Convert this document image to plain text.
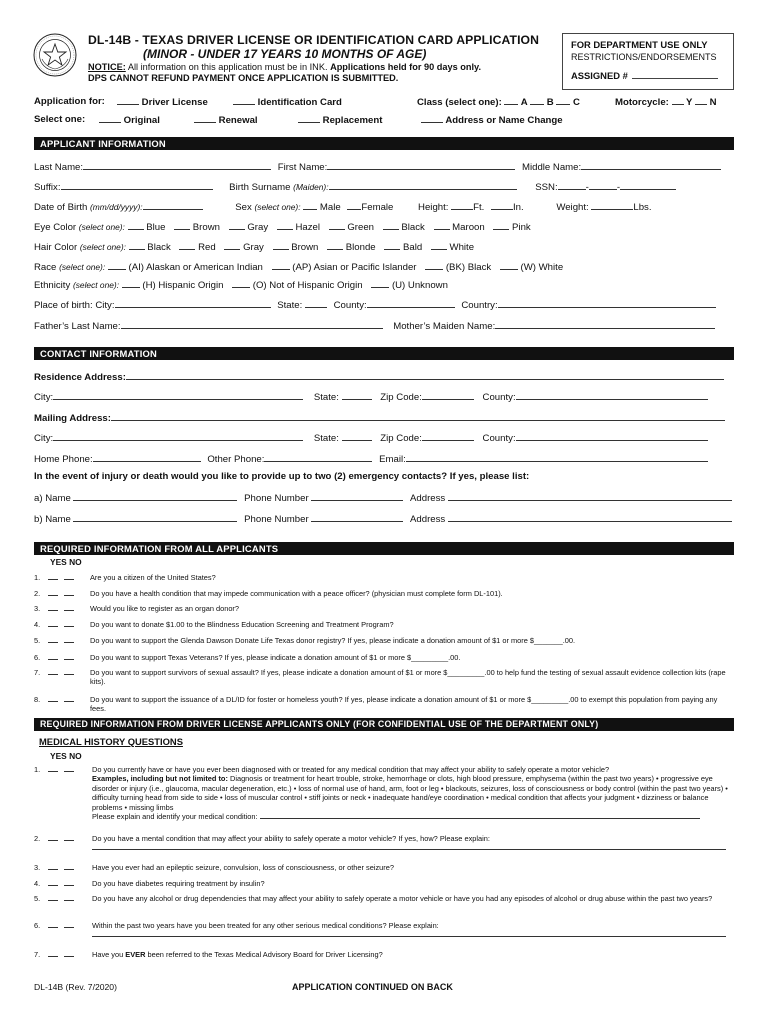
DL-14B - TEXAS DRIVER LICENSE OR IDENTIFICATION CARD APPLICATION
(MINOR - UNDER 17 YEARS 10 MONTHS OF AGE)
NOTICE: All information on this application must be in INK. Applications held for 90 days only.
DPS CANNOT REFUND PAYMENT ONCE APPLICATION IS SUBMITTED.
FOR DEPARTMENT USE ONLY
RESTRICTIONS/ENDORSEMENTS
ASSIGNED #
Application for:	Driver License	Identification Card	Class (select one): A B C	Motorcycle: Y N
Select one:	Original	Renewal	Replacement	Address or Name Change
APPLICANT INFORMATION
Last Name:	First Name:	Middle Name:
Suffix:	Birth Surname (Maiden):	SSN:	-	-
Date of Birth (mm/dd/yyyy):	Sex (select one): Male Female	Height:	Ft.	In.	Weight:	Lbs.
Eye Color (select one): Blue	Brown	Gray	Hazel	Green	Black	Maroon	Pink
Hair Color (select one): Black	Red	Gray	Brown	Blonde	Bald	White
Race (select one): (AI) Alaskan or American Indian	(AP) Asian or Pacific Islander	(BK) Black	(W) White
Ethnicity (select one): (H) Hispanic Origin	(O) Not of Hispanic Origin	(U) Unknown
Place of birth: City:	State:	County:	Country:
Father’s Last Name:	Mother’s Maiden Name:
CONTACT INFORMATION
Residence Address:
City:	State:	Zip Code:	County:
Mailing Address:
City:	State:	Zip Code:	County:
Home Phone:	Other Phone:	Email:
In the event of injury or death would you like to provide up to two (2) emergency contacts? If yes, please list:
a) Name	Phone Number	Address
b) Name	Phone Number	Address
REQUIRED INFORMATION FROM ALL APPLICANTS
YES NO
1.
	Are you a citizen of the United States?
2.
	Do you have a health condition that may impede communication with a peace officer? (physician must complete form DL-101).
3.
	Would you like to register as an organ donor?
4.
	Do you want to donate $1.00 to the Blindness Education Screening and Treatment Program?
5.
	Do you want to support the Glenda Dawson Donate Life Texas donor registry? If yes, please indicate a donation amount of $1 or more $_______.00.
6.
	Do you want to support Texas Veterans? If yes, please indicate a donation amount of $1 or more $_________.00.
7.
	Do you want to support survivors of sexual assault? If yes, please indicate a donation amount of $1 or more $_________.00 to help fund the testing of sexual assault evidence collection kits (rape kits).
8.
	Do you want to support the issuance of a DL/ID for foster or homeless youth? If yes, please indicate a donation amount of $1 or more $_________.00 to exempt this population from paying any fees.
REQUIRED INFORMATION FROM DRIVER LICENSE APPLICANTS ONLY (FOR CONFIDENTIAL USE OF THE DEPARTMENT ONLY)
MEDICAL HISTORY QUESTIONS
YES NO
1.
	Do you currently have or have you ever been diagnosed with or treated for any medical condition that may affect your ability to safely operate a motor vehicle?
Examples, including but not limited to: Diagnosis or treatment for heart trouble, stroke, hemorrhage or clots, high blood pressure, emphysema (within the past two years) • progressive eye disorder or injury (i.e., glaucoma, macular degeneration, etc.) • loss of normal use of hand, arm, foot or leg • blackouts, seizures, loss of consciousness or body control (within the past two years) • difficulty turning head from side to side • loss of muscular control • stiff joints or neck • inadequate hand/eye coordination • medical condition that affects your judgment • dizziness or balance problems • missing limbs
Please explain and identify your medical condition:
2.
	Do you have a mental condition that may affect your ability to safely operate a motor vehicle? If yes, how? Please explain:

3.
	Have you ever had an epileptic seizure, convulsion, loss of consciousness, or other seizure?
4.
	Do you have diabetes requiring treatment by insulin?
5.
	Do you have any alcohol or drug dependencies that may affect your ability to safely operate a motor vehicle or have you had any episodes of alcohol or drug abuse within the past two years?
6.
	Within the past two years have you been treated for any other serious medical conditions? Please explain:

7.
	Have you EVER been referred to the Texas Medical Advisory Board for Driver Licensing?
DL-14B (Rev. 7/2020)	APPLICATION CONTINUED ON BACK
